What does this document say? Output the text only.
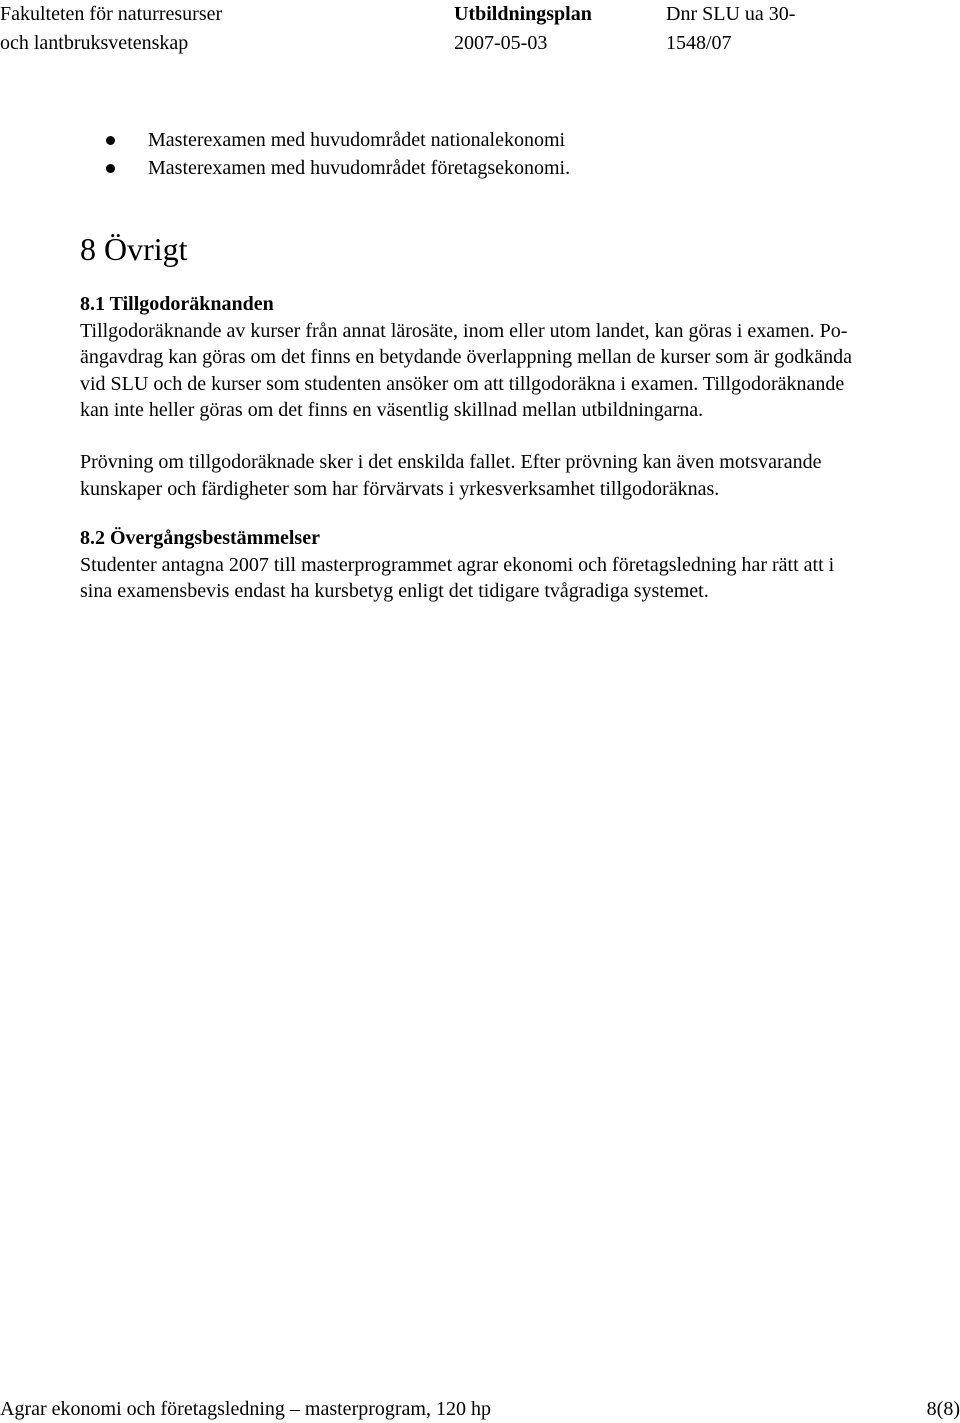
Fakulteten för naturresurser
och lantbruksvetenskap
Utbildningsplan
2007-05-03
Dnr SLU ua 30-
1548/07
Masterexamen med huvudområdet nationalekonomi
Masterexamen med huvudområdet företagsekonomi.
8 Övrigt

8.1 Tillgodoräknanden

Tillgodoräknande av kurser från annat lärosäte, inom eller utom landet, kan göras i examen. Po-

ängavdrag kan göras om det finns en betydande överlappning mellan de kurser som är godkända

vid SLU och de kurser som studenten ansöker om att tillgodoräkna i examen. Tillgodoräknande

kan inte heller göras om det finns en väsentlig skillnad mellan utbildningarna.

Prövning om tillgodoräknade sker i det enskilda fallet. Efter prövning kan även motsvarande

kunskaper och färdigheter som har förvärvats i yrkesverksamhet tillgodoräknas.

8.2 Övergångsbestämmelser

Studenter antagna 2007 till masterprogrammet agrar ekonomi och företagsledning har rätt att i

sina examensbevis endast ha kursbetyg enligt det tidigare tvågradiga systemet.

Agrar ekonomi och företagsledning – masterprogram, 120 hp	8(8)
